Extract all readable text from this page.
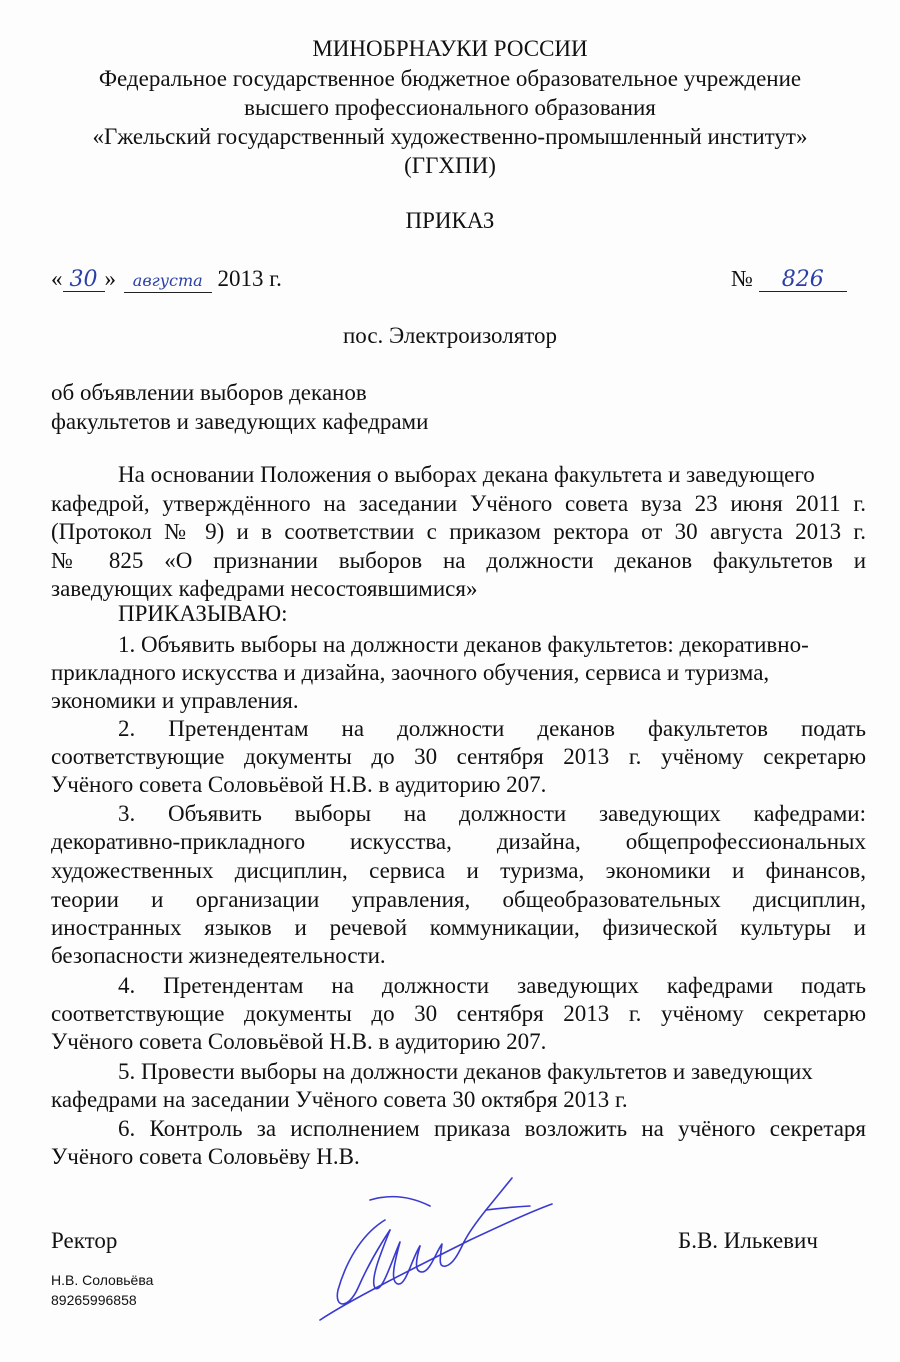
МИНОБРНАУКИ РОССИИ
Федеральное государственное бюджетное образовательное учреждение
высшего профессионального образования
«Гжельский государственный художественно-промышленный институт»
(ГГХПИ)
ПРИКАЗ
« 30 » августа 2013 г.	№ 826
пос. Электроизолятор
об объявлении выборов деканов
факультетов и заведующих кафедрами
На основании Положения о выборах декана факультета и заведующего
кафедрой, утверждённого на заседании Учёного совета вуза 23 июня 2011 г.
(Протокол № 9) и в соответствии с приказом ректора от 30 августа 2013 г.
№ 825 «О признании выборов на должности деканов факультетов и
заведующих кафедрами несостоявшимися»
ПРИКАЗЫВАЮ:
1. Объявить выборы на должности деканов факультетов: декоративно-
прикладного искусства и дизайна, заочного обучения, сервиса и туризма,
экономики и управления.
2. Претендентам на должности деканов факультетов подать
соответствующие документы до 30 сентября 2013 г. учёному секретарю
Учёного совета Соловьёвой Н.В. в аудиторию 207.
3. Объявить выборы на должности заведующих кафедрами:
декоративно-прикладного искусства, дизайна, общепрофессиональных
художественных дисциплин, сервиса и туризма, экономики и финансов,
теории и организации управления, общеобразовательных дисциплин,
иностранных языков и речевой коммуникации, физической культуры и
безопасности жизнедеятельности.
4. Претендентам на должности заведующих кафедрами подать
соответствующие документы до 30 сентября 2013 г. учёному секретарю
Учёного совета Соловьёвой Н.В. в аудиторию 207.
5. Провести выборы на должности деканов факультетов и заведующих
кафедрами на заседании Учёного совета 30 октября 2013 г.
6. Контроль за исполнением приказа возложить на учёного секретаря
Учёного совета Соловьёву Н.В.
Ректор	Б.В. Илькевич
Н.В. Соловьёва
89265996858
